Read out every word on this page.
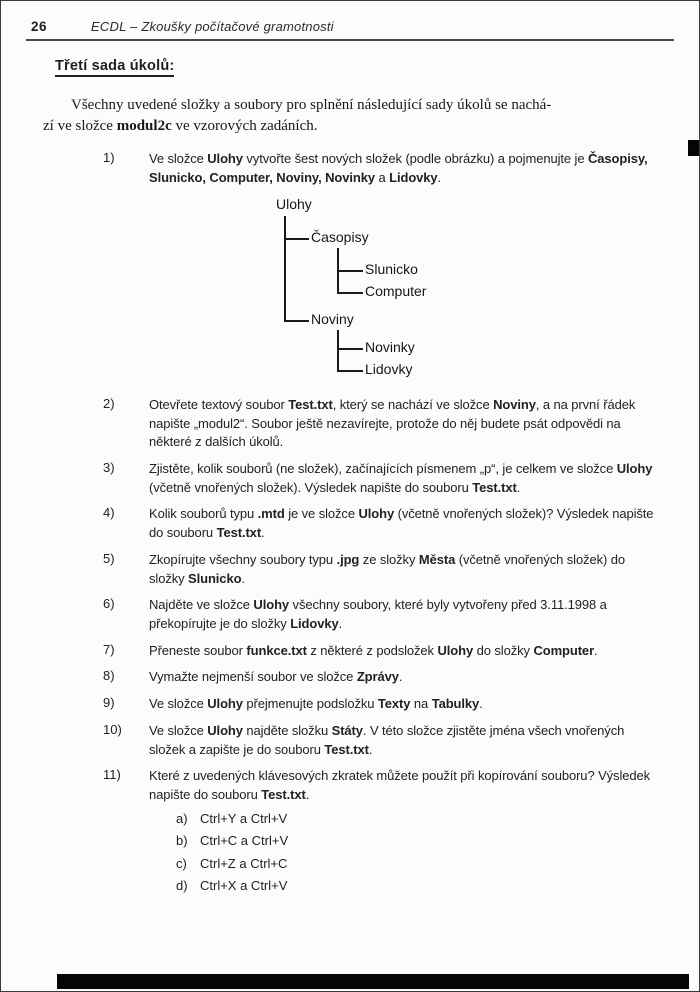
26	ECDL – Zkoušky počítačové gramotnosti
Třetí sada úkolů:

Všechny uvedené složky a soubory pro splnění následující sady úkolů se nachá-
zí ve složce modul2c ve vzorových zadáních.

1)	Ve složce Ulohy vytvořte šest nových složek (podle obrázku) a pojmenujte je Časopisy, Slunicko, Computer, Noviny, Novinky a Lidovky.
Ulohy
Časopisy
Slunicko
Computer
Noviny
Novinky
Lidovky
2)	Otevřete textový soubor Test.txt, který se nachází ve složce Noviny, a na první řádek napište „modul2“. Soubor ještě nezavírejte, protože do něj budete psát odpovědi na některé z dalších úkolů.
3)	Zjistěte, kolik souborů (ne složek), začínajících písmenem „p“, je celkem ve složce Ulohy (včetně vnořených složek). Výsledek napište do souboru Test.txt.
4)	Kolik souborů typu .mtd je ve složce Ulohy (včetně vnořených složek)? Výsledek napište do souboru Test.txt.
5)	Zkopírujte všechny soubory typu .jpg ze složky Města (včetně vnořených složek) do složky Slunicko.
6)	Najděte ve složce Ulohy všechny soubory, které byly vytvořeny před 3.11.1998 a překopírujte je do složky Lidovky.
7)	Přeneste soubor funkce.txt z některé z podsložek Ulohy do složky Computer.
8)	Vymažte nejmenší soubor ve složce Zprávy.
9)	Ve složce Ulohy přejmenujte podsložku Texty na Tabulky.
10)	Ve složce Ulohy najděte složku Státy. V této složce zjistěte jména všech vnořených složek a zapište je do souboru Test.txt.
11)	Které z uvedených klávesových zkratek můžete použít při kopírování souboru? Výsledek napište do souboru Test.txt.
a) Ctrl+Y a Ctrl+V
b) Ctrl+C a Ctrl+V
c) Ctrl+Z a Ctrl+C
d) Ctrl+X a Ctrl+V
